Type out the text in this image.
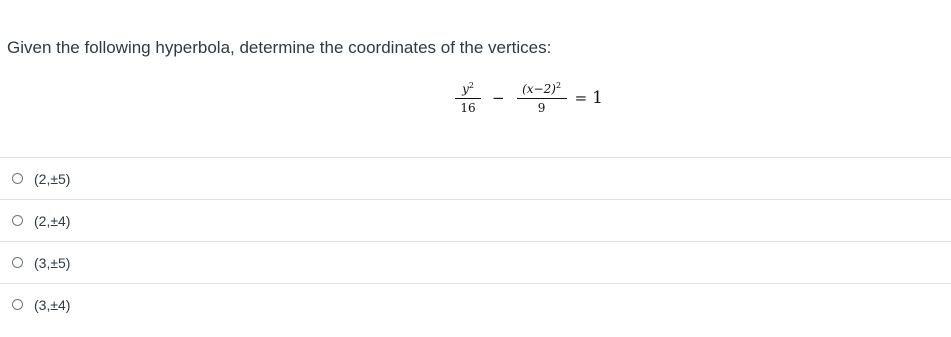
Given the following hyperbola, determine the coordinates of the vertices:
$\frac{y^2}{16} - \frac{(x-2)^2}{9} = 1$
(2,±5)
(2,±4)
(3,±5)
(3,±4)
